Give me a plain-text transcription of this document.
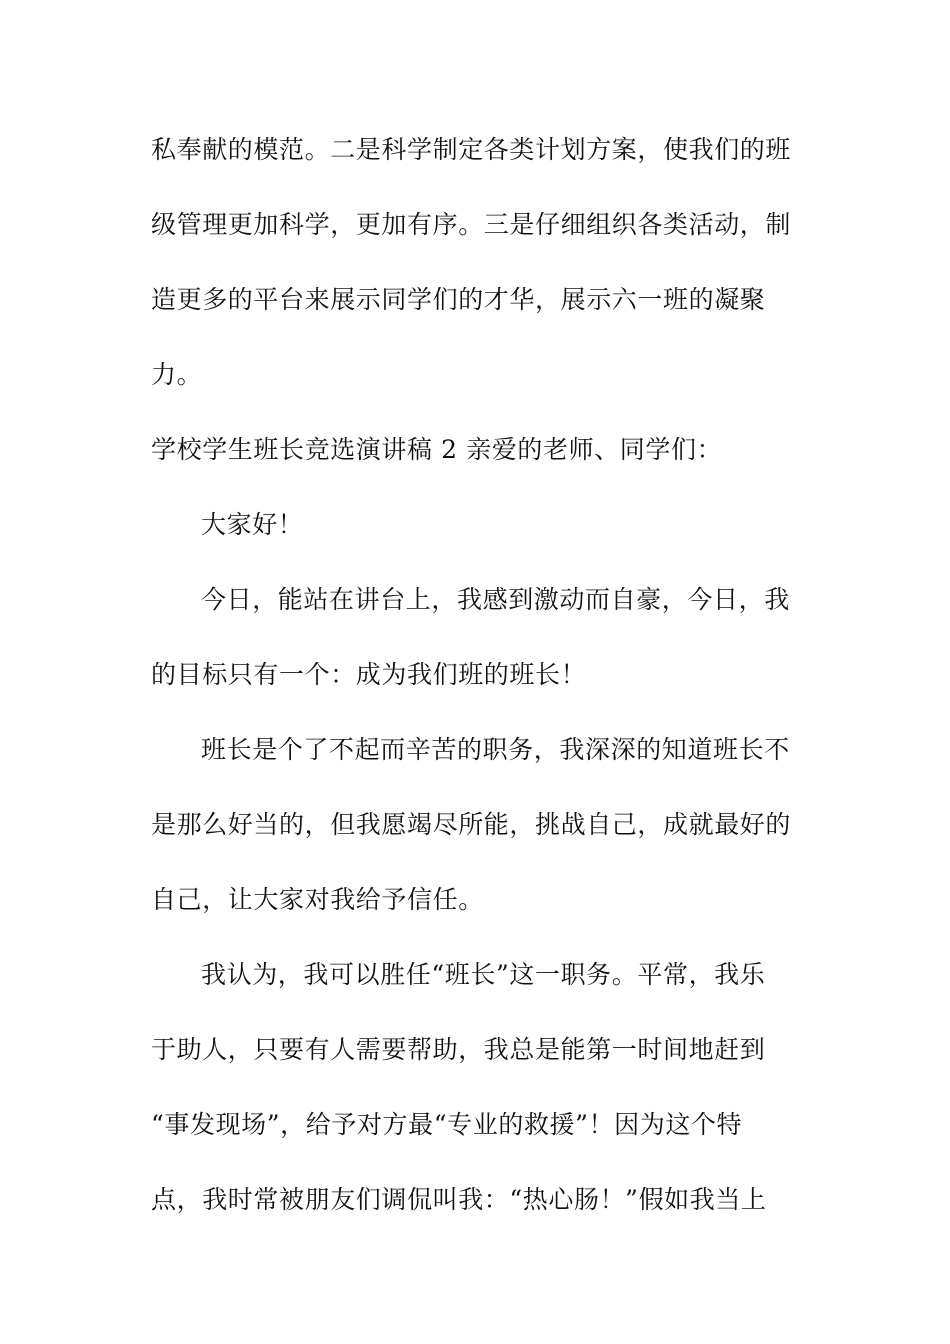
私奉献的模范。二是科学制定各类计划方案，使我们的班
级管理更加科学，更加有序。三是仔细组织各类活动，制
造更多的平台来展示同学们的才华，展示六一班的凝聚
力。
学校学生班长竞选演讲稿 2 亲爱的老师、同学们：
大家好！
今日，能站在讲台上，我感到激动而自豪，今日，我
的目标只有一个：成为我们班的班长！
班长是个了不起而辛苦的职务，我深深的知道班长不
是那么好当的，但我愿竭尽所能，挑战自己，成就最好的
自己，让大家对我给予信任。
我认为，我可以胜任“班长”这一职务。平常，我乐
于助人，只要有人需要帮助，我总是能第一时间地赶到
“事发现场”，给予对方最“专业的救援”！因为这个特
点，我时常被朋友们调侃叫我：“热心肠！”假如我当上
